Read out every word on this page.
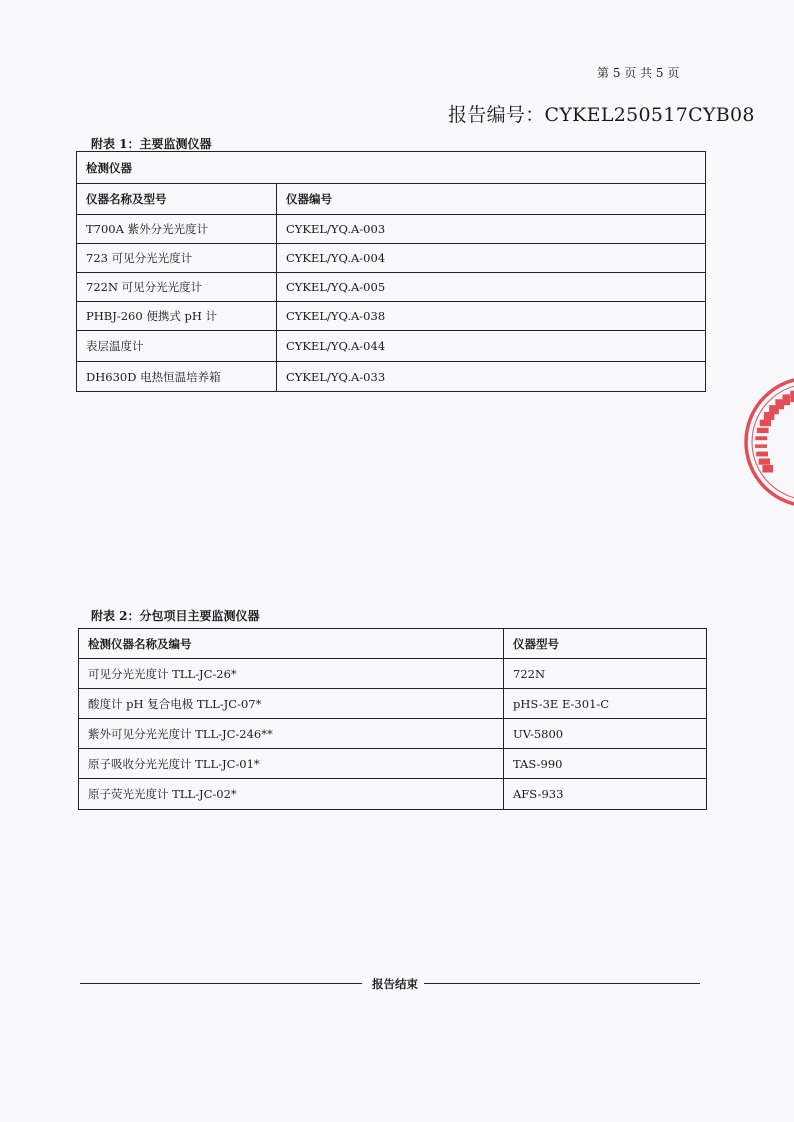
第 5 页 共 5 页
报告编号：CYKEL250517CYB08
附表 1：主要监测仪器
检测仪器	
仪器名称及型号	仪器编号
T700A 紫外分光光度计	CYKEL/YQ.A-003
723 可见分光光度计	CYKEL/YQ.A-004
722N 可见分光光度计	CYKEL/YQ.A-005
PHBJ-260 便携式 pH 计	CYKEL/YQ.A-038
表层温度计	CYKEL/YQ.A-044
DH630D 电热恒温培养箱	CYKEL/YQ.A-033
附表 2：分包项目主要监测仪器
检测仪器名称及编号	仪器型号
可见分光光度计 TLL-JC-26*	722N
酸度计 pH 复合电极 TLL-JC-07*	pHS-3E E-301-C
紫外可见分光光度计 TLL-JC-246**	UV-5800
原子吸收分光光度计 TLL-JC-01*	TAS-990
原子荧光光度计 TLL-JC-02*	AFS-933
报告结束
